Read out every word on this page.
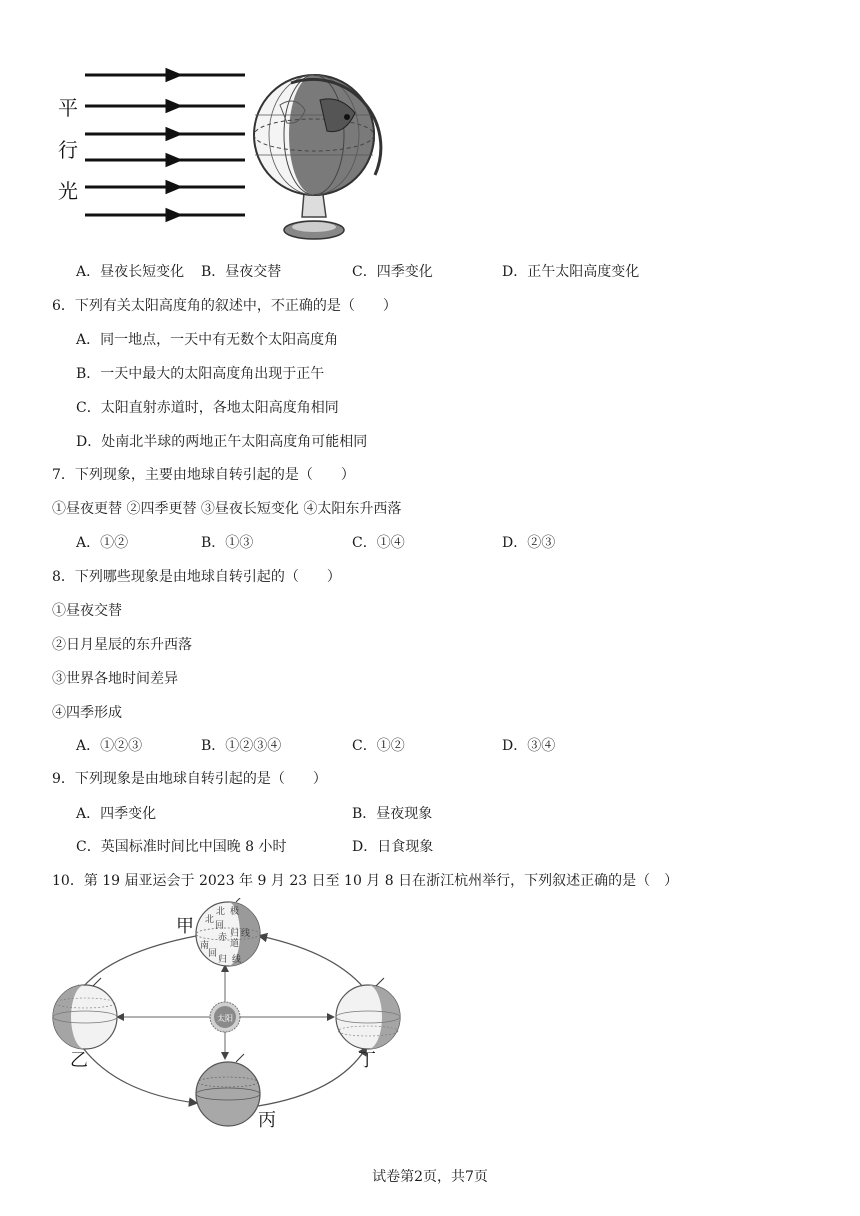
平
行
光
A．昼夜长短变化 B．昼夜交替	C．四季变化	D．正午太阳高度变化
6．下列有关太阳高度角的叙述中，不正确的是（　　）
A．同一地点，一天中有无数个太阳高度角
B．一天中最大的太阳高度角出现于正午
C．太阳直射赤道时，各地太阳高度角相同
D．处南北半球的两地正午太阳高度角可能相同
7．下列现象，主要由地球自转引起的是（　　）
①昼夜更替 ②四季更替 ③昼夜长短变化 ④太阳东升西落
A．①②	B．①③	C．①④	D．②③
8．下列哪些现象是由地球自转引起的（　　）
①昼夜交替
②日月星辰的东升西落
③世界各地时间差异
④四季形成
A．①②③	B．①②③④	C．①②	D．③④
9．下列现象是由地球自转引起的是（　　）
A．四季变化	B．昼夜现象
C．英国标准时间比中国晚 8 小时	D．日食现象
10．第 19 届亚运会于 2023 年 9 月 23 日至 10 月 8 日在浙江杭州举行，下列叙述正确的是（　）
太阳
北 极
北
回
归 线
赤
道
南
回
归 线
甲
乙
丙
丁
试卷第2页，共7页
